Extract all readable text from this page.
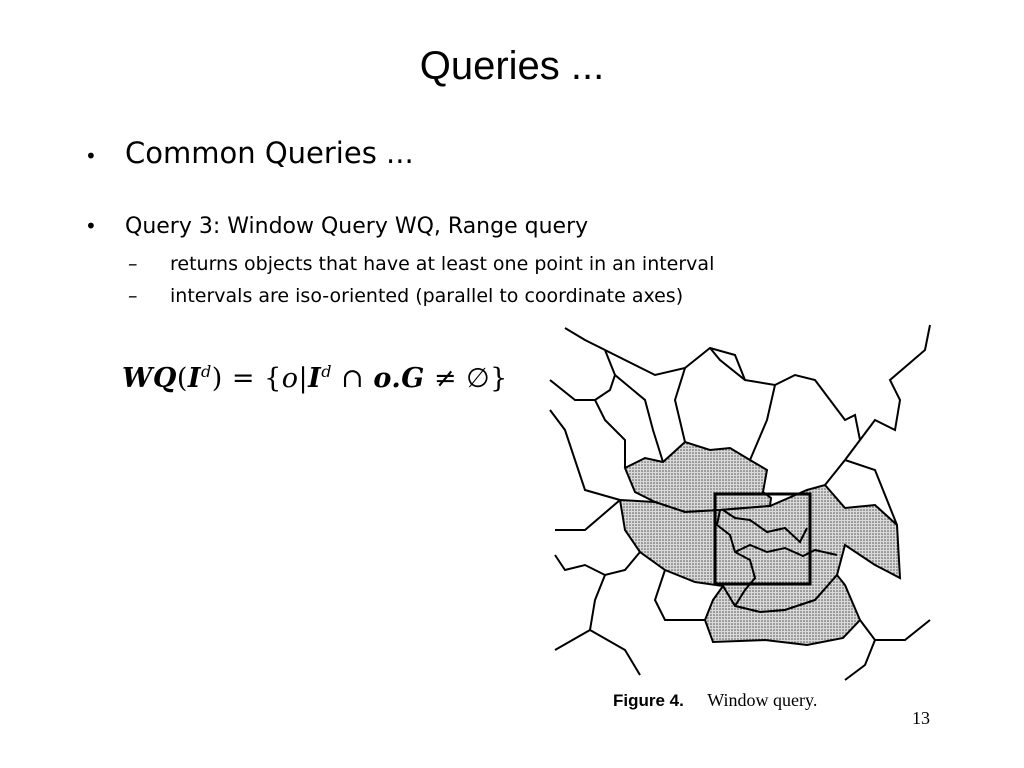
Queries ...
• Common Queries ...
•	Query 3: Window Query WQ, Range query
–	returns objects that have at least one point in an interval
–	intervals are iso-oriented (parallel to coordinate axes)
$WQ(I^d) = \{o|I^d$ ∩ o.G ≠ ∅}
Figure 4. Window query.
13
